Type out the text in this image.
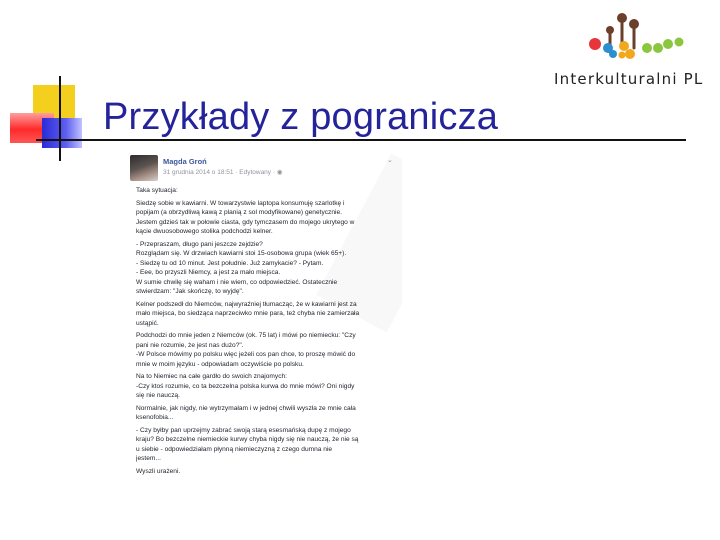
Przykłady z pogranicza
Interkulturalni PL
Magda Groń
31 grudnia 2014 o 18:51 · Edytowany · ◉
⌄
Taka sytuacja:
Siedzę sobie w kawiarni. W towarzystwie laptopa konsumuję szarlotkę i
popijam (a obrzydliwą kawą z planią z sol modyfikowane) genetycznie.
Jestem gdzieś tak w połowie ciasta, gdy tymczasem do mojego ukrytego w
kącie dwuosobowego stolika podchodzi kelner.
- Przepraszam, długo pani jeszcze zejdzie?
Rozglądam się. W drzwiach kawiarni stoi 15-osobowa grupa (wiek 65+).
- Siedzę tu od 10 minut. Jest południe. Już zamykacie? - Pytam.
- Eee, bo przyszli Niemcy, a jest za mało miejsca.
W sumie chwilę się waham i nie wiem, co odpowiedzieć. Ostatecznie
stwierdzam: "Jak skończę, to wyjdę".
Kelner podszedł do Niemców, najwyraźniej tłumacząc, że w kawiarni jest za
mało miejsca, bo siedząca naprzeciwko mnie para, też chyba nie zamierzała
ustąpić.
Podchodzi do mnie jeden z Niemców (ok. 75 lat) i mówi po niemiecku: "Czy
pani nie rozumie, że jest nas dużo?".
-W Polsce mówimy po polsku więc jeżeli cos pan chce, to proszę mówić do
mnie w moim języku - odpowiadam oczywiście po polsku.
Na to Niemiec na całe gardło do swoich znajomych:
-Czy ktoś rozumie, co ta bezczelna polska kurwa do mnie mówi? Oni nigdy
się nie nauczą.
Normalnie, jak nigdy, nie wytrzymałam i w jednej chwili wyszła ze mnie cała
ksenofobia...
- Czy byłby pan uprzejmy zabrać swoją starą esesmańską dupę z mojego
kraju? Bo bezczelne niemieckie kurwy chyba nigdy się nie nauczą, że nie są
u siebie - odpowiedziałam płynną niemieczyzną z czego dumna nie
jestem...
Wyszli urażeni.
